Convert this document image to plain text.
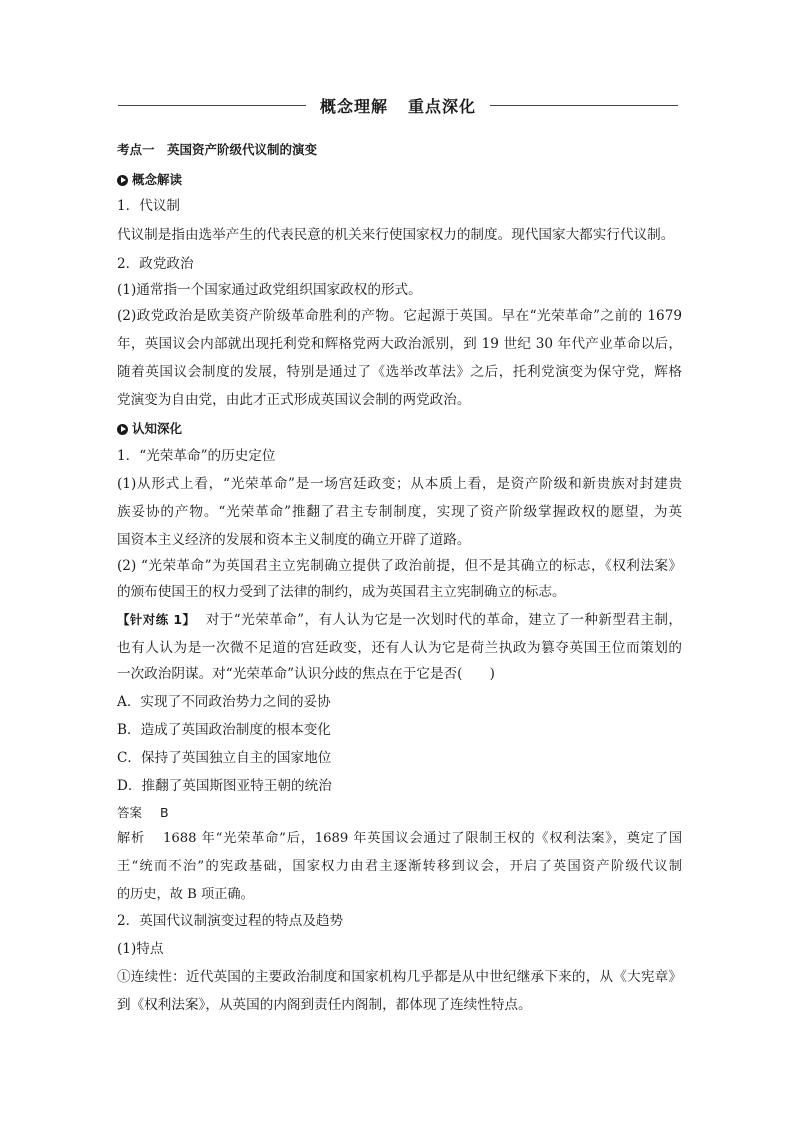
概念理解 重点深化
考点一　英国资产阶级代议制的演变
概念解读
1．代议制
代议制是指由选举产生的代表民意的机关来行使国家权力的制度。现代国家大都实行代议制。
2．政党政治
(1)通常指一个国家通过政党组织国家政权的形式。
(2)政党政治是欧美资产阶级革命胜利的产物。它起源于英国。早在“光荣革命”之前的 1679
年，英国议会内部就出现托利党和辉格党两大政治派别，到 19 世纪 30 年代产业革命以后，
随着英国议会制度的发展，特别是通过了《选举改革法》之后，托利党演变为保守党，辉格
党演变为自由党，由此才正式形成英国议会制的两党政治。
认知深化
1．“光荣革命”的历史定位
(1)从形式上看，“光荣革命”是一场宫廷政变；从本质上看，是资产阶级和新贵族对封建贵
族妥协的产物。“光荣革命”推翻了君主专制制度，实现了资产阶级掌握政权的愿望，为英
国资本主义经济的发展和资本主义制度的确立开辟了道路。
(2) “光荣革命”为英国君主立宪制确立提供了政治前提，但不是其确立的标志，《权利法案》
的颁布使国王的权力受到了法律的制约，成为英国君主立宪制确立的标志。
【针对练 1】 对于“光荣革命”，有人认为它是一次划时代的革命，建立了一种新型君主制，
也有人认为是一次微不足道的宫廷政变，还有人认为它是荷兰执政为篡夺英国王位而策划的
一次政治阴谋。对“光荣革命”认识分歧的焦点在于它是否(　　)
A．实现了不同政治势力之间的妥协
B．造成了英国政治制度的根本变化
C．保持了英国独立自主的国家地位
D．推翻了英国斯图亚特王朝的统治
答案 B
解析 1688 年“光荣革命”后，1689 年英国议会通过了限制王权的《权利法案》，奠定了国
王“统而不治”的宪政基础，国家权力由君主逐渐转移到议会，开启了英国资产阶级代议制
的历史，故 B 项正确。
2．英国代议制演变过程的特点及趋势
(1)特点
①连续性：近代英国的主要政治制度和国家机构几乎都是从中世纪继承下来的，从《大宪章》
到《权利法案》，从英国的内阁到责任内阁制，都体现了连续性特点。
